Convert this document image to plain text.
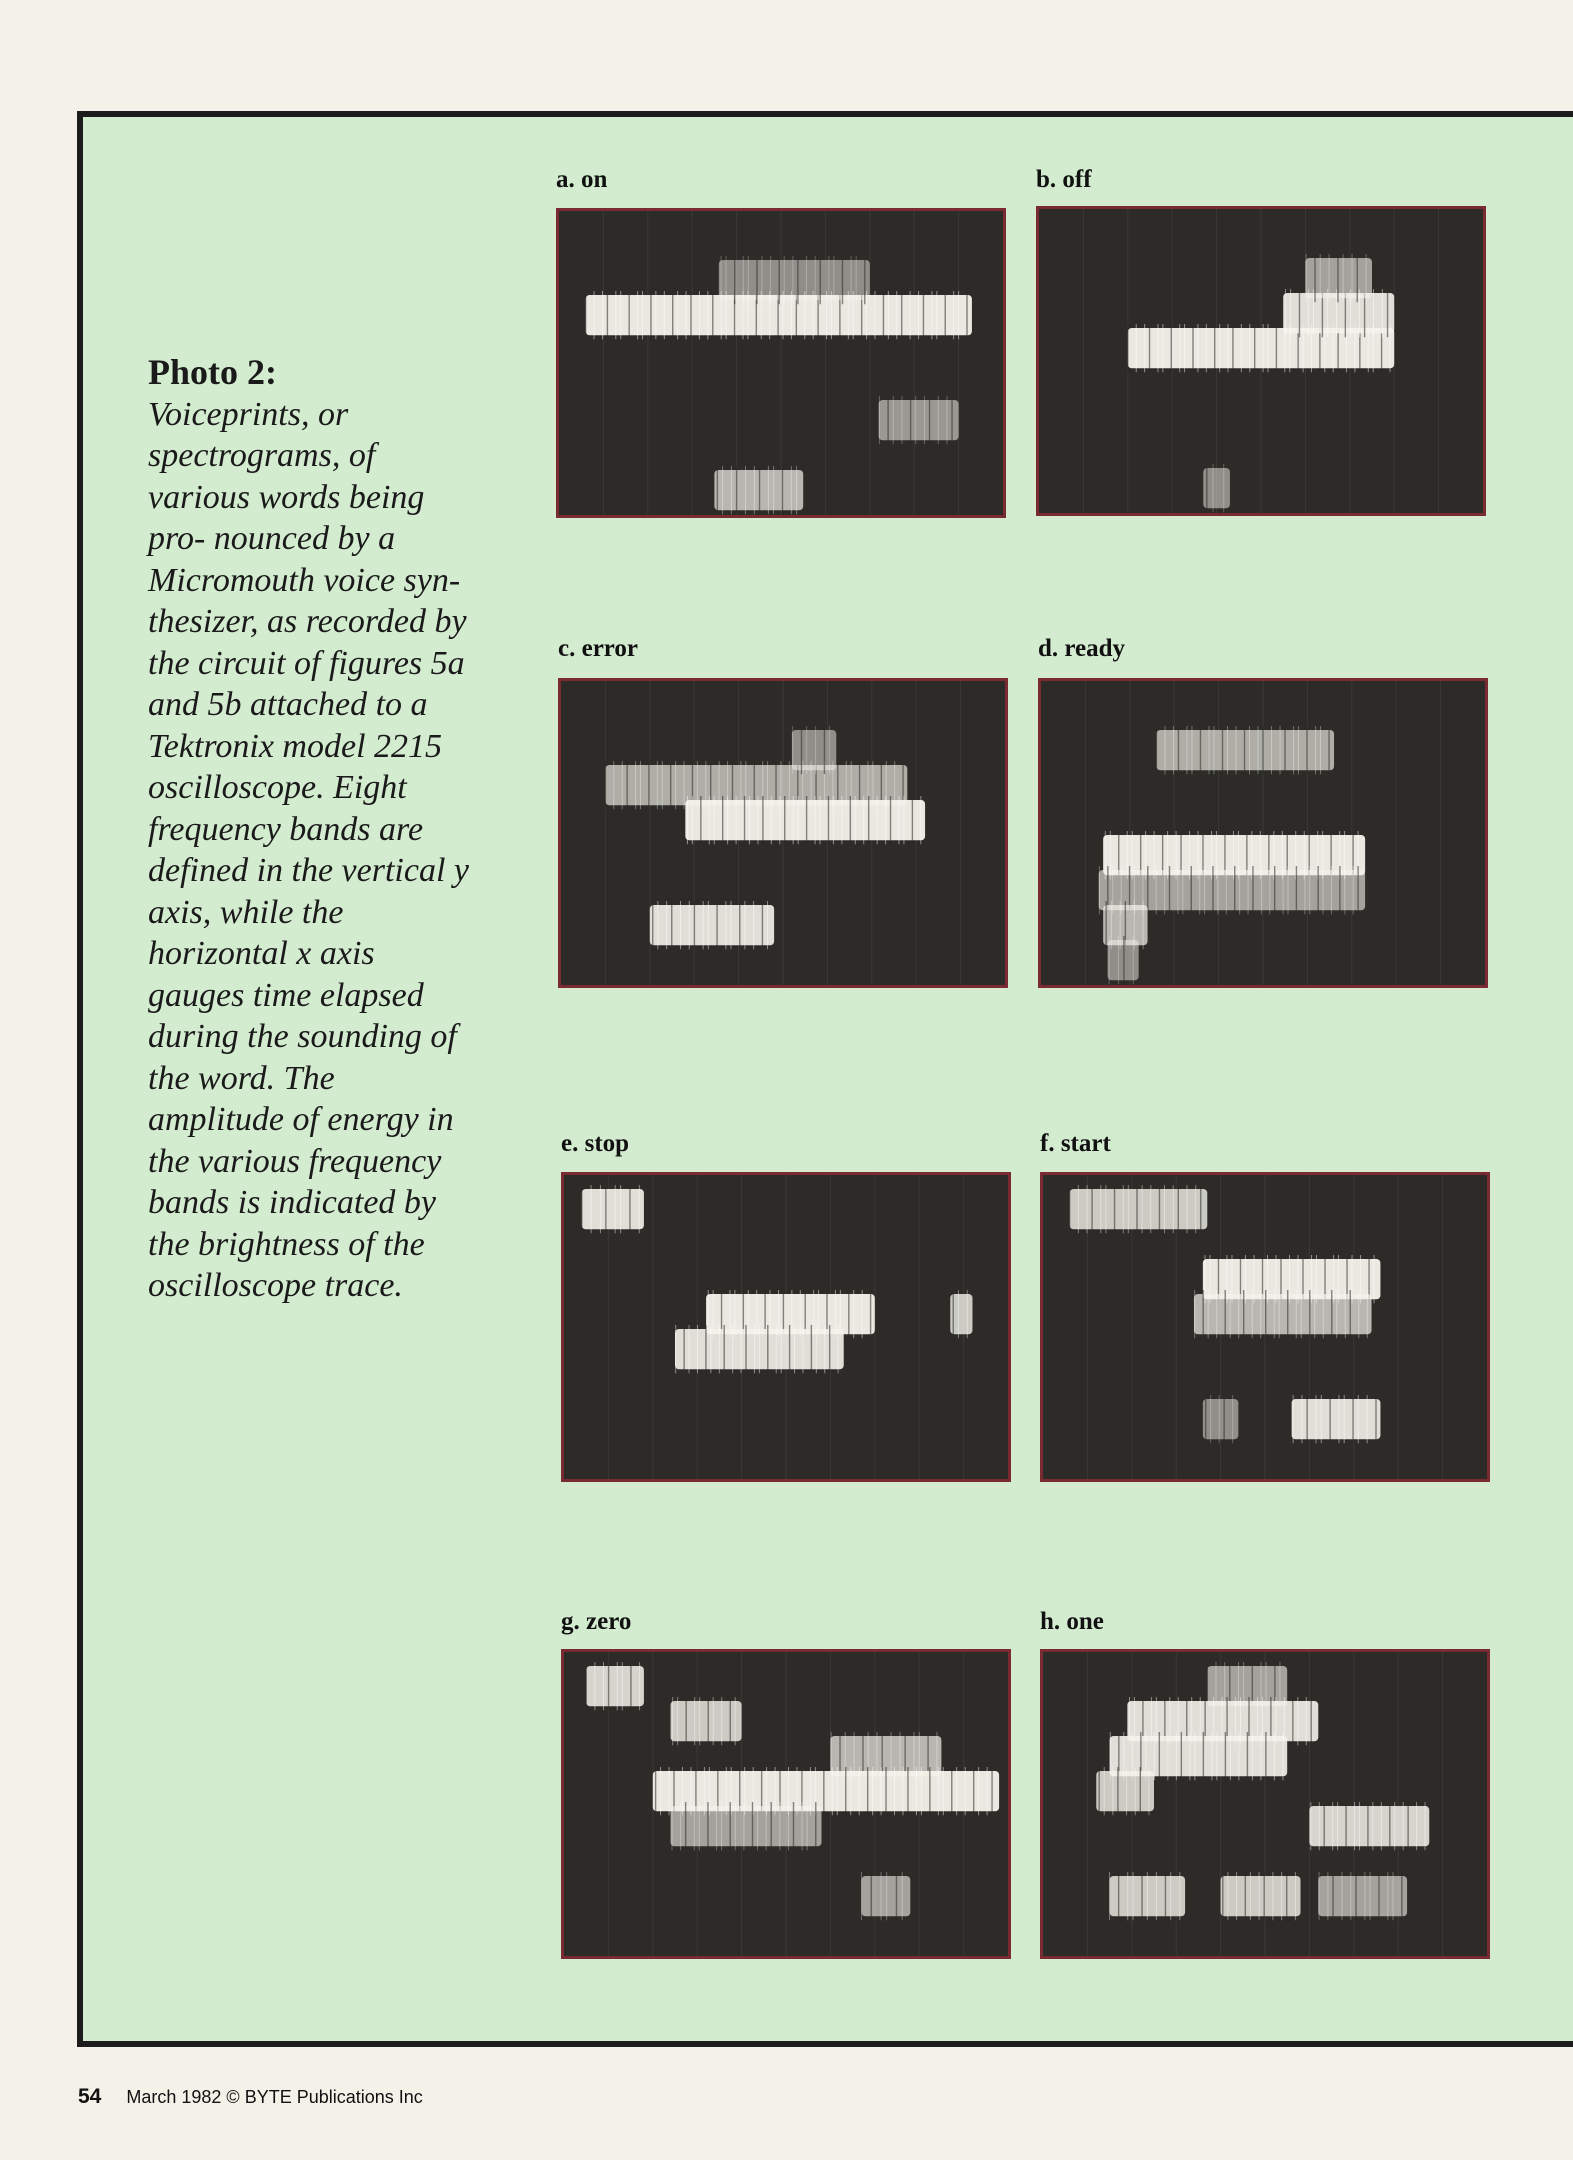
Photo 2:
Voiceprints, or spectrograms, of various words being pro- nounced by a Micromouth voice syn- thesizer, as recorded by the circuit of figures 5a and 5b attached to a Tektronix model 2215 oscilloscope. Eight frequency bands are defined in the vertical y axis, while the horizontal x axis gauges time elapsed during the sounding of the word. The amplitude of energy in the various frequency bands is indicated by the brightness of the oscilloscope trace.
a. on	b. off
c. error	d. ready
e. stop	f. start
g. zero	h. one
54 March 1982 © BYTE Publications Inc
